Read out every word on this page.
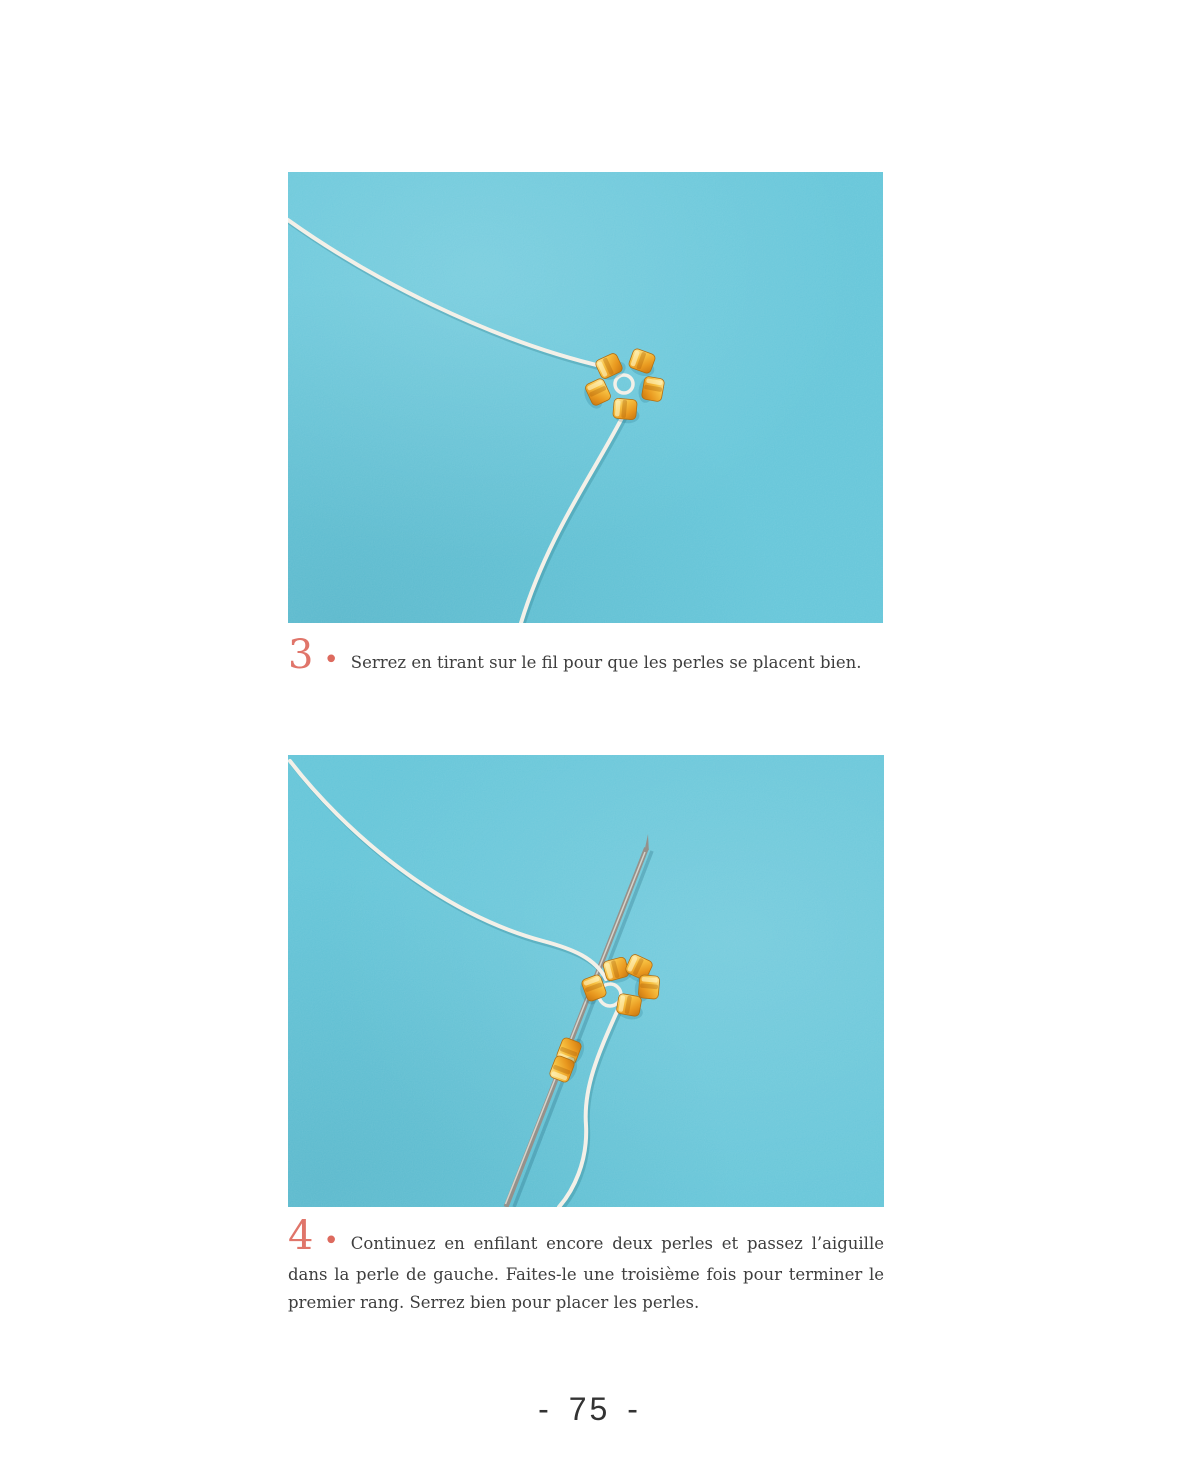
3 • Serrez en tirant sur le fil pour que les perles se placent bien.
4 • Continuez en enfilant encore deux perles et passez l’aiguille
dans la perle de gauche. Faites-le une troisième fois pour terminer le
premier rang. Serrez bien pour placer les perles.
- 75 -
